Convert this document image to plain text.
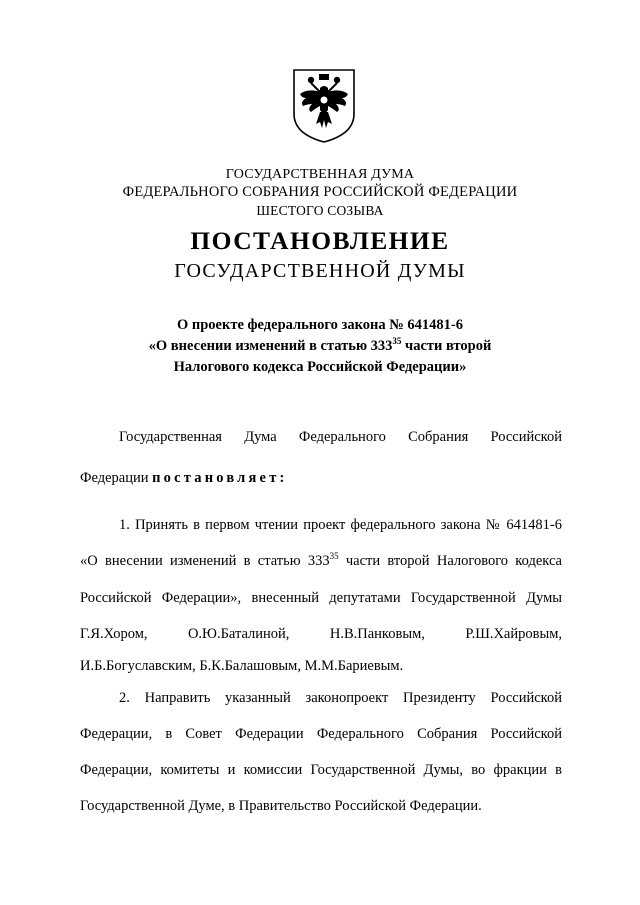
ГОСУДАРСТВЕННАЯ ДУМА
ФЕДЕРАЛЬНОГО СОБРАНИЯ РОССИЙСКОЙ ФЕДЕРАЦИИ
ШЕСТОГО СОЗЫВА
ПОСТАНОВЛЕНИЕ
ГОСУДАРСТВЕННОЙ ДУМЫ
О проекте федерального закона № 641481-6
«О внесении изменений в статью $333^{35}$ части второй
Налогового кодекса Российской Федерации»
Государственная Дума Федерального Собрания Российской
Федерации постановляет:
1. Принять в первом чтении проект федерального закона № 641481-6
«О внесении изменений в статью $333^{35}$ части второй Налогового кодекса
Российской Федерации», внесенный депутатами Государственной Думы
Г.Я.Хором,	О.Ю.Баталиной,	Н.В.Панковым,	Р.Ш.Хайровым,
И.Б.Богуславским, Б.К.Балашовым, М.М.Бариевым.
2. Направить указанный законопроект Президенту Российской
Федерации, в Совет Федерации Федерального Собрания Российской
Федерации, комитеты и комиссии Государственной Думы, во фракции в
Государственной Думе, в Правительство Российской Федерации.
